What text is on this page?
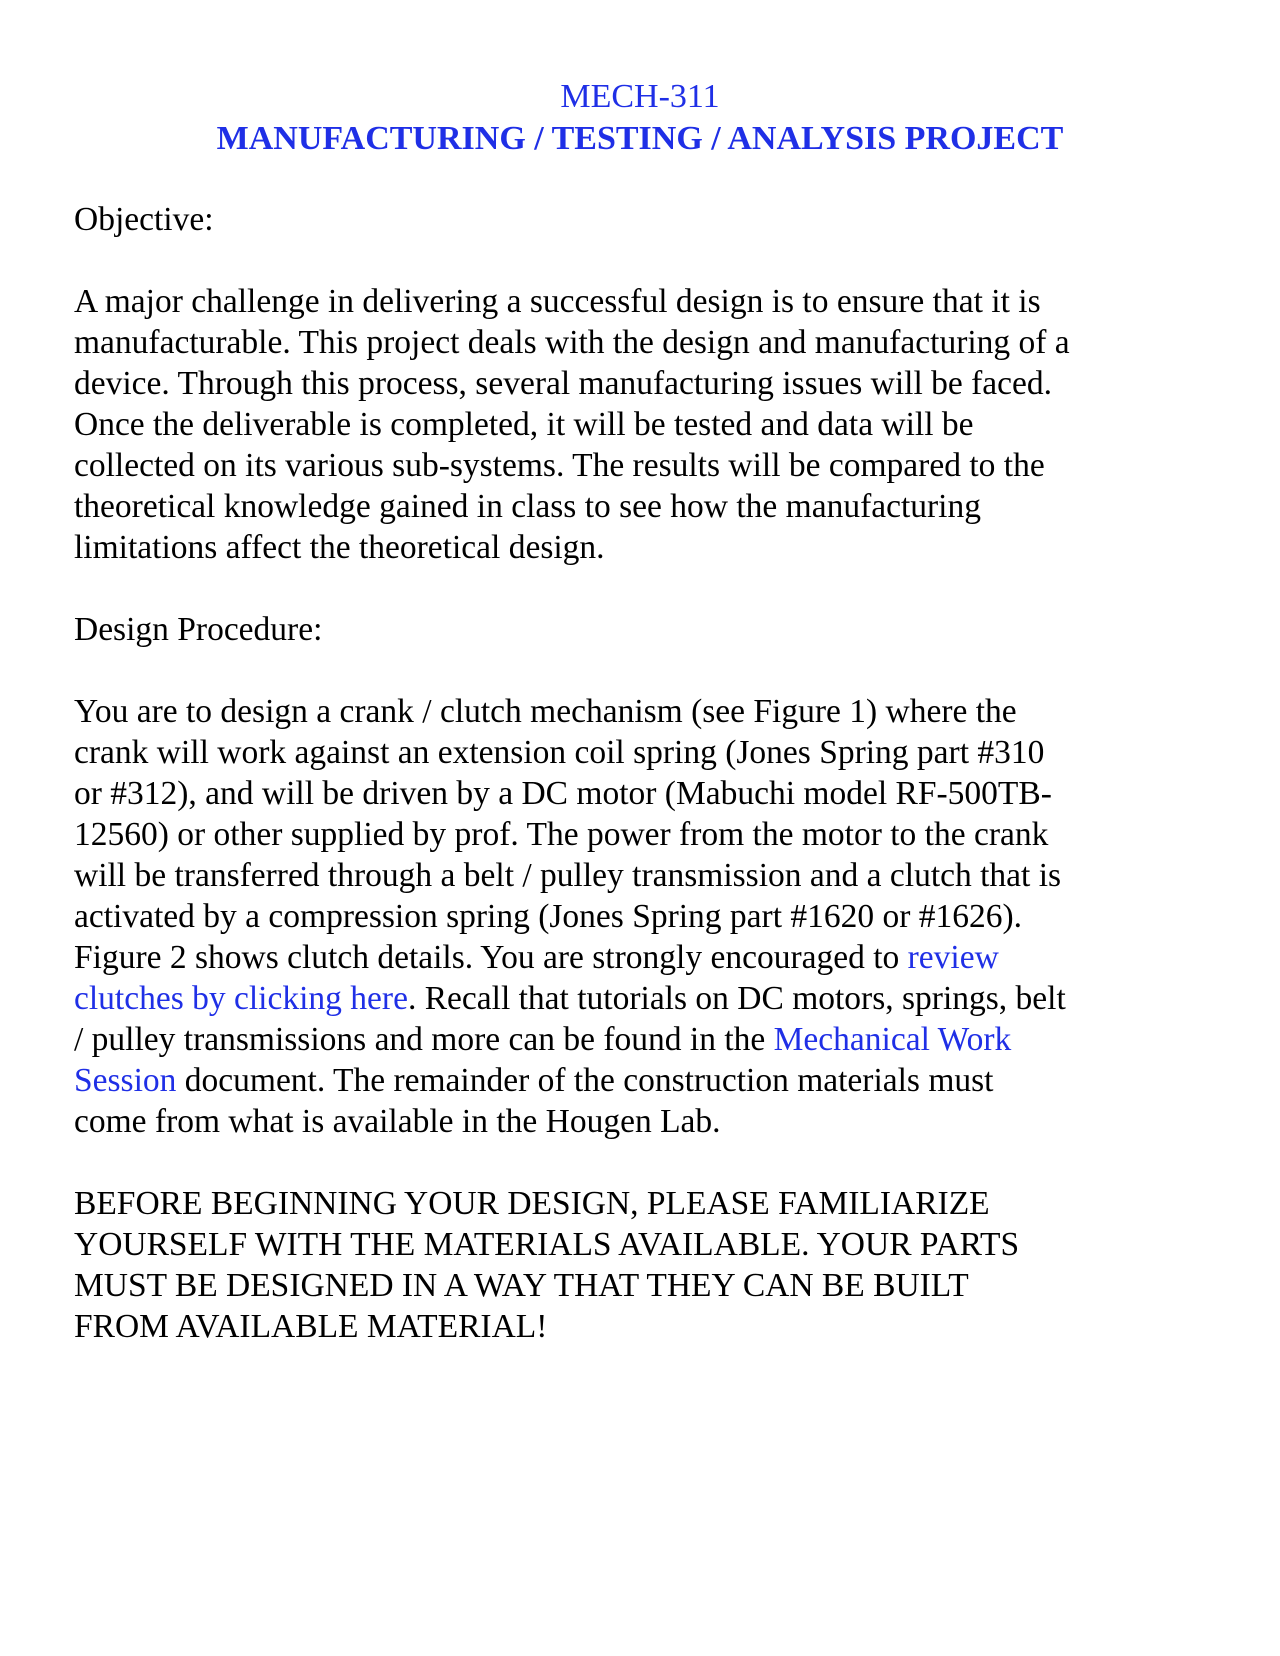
MECH-311
MANUFACTURING / TESTING / ANALYSIS PROJECT
Objective:
A major challenge in delivering a successful design is to ensure that it is
manufacturable. This project deals with the design and manufacturing of a
device. Through this process, several manufacturing issues will be faced.
Once the deliverable is completed, it will be tested and data will be
collected on its various sub-systems. The results will be compared to the
theoretical knowledge gained in class to see how the manufacturing
limitations affect the theoretical design.
Design Procedure:
You are to design a crank / clutch mechanism (see Figure 1) where the
crank will work against an extension coil spring (Jones Spring part #310
or #312), and will be driven by a DC motor (Mabuchi model RF-500TB-
12560) or other supplied by prof. The power from the motor to the crank
will be transferred through a belt / pulley transmission and a clutch that is
activated by a compression spring (Jones Spring part #1620 or #1626).
Figure 2 shows clutch details. You are strongly encouraged to review
clutches by clicking here. Recall that tutorials on DC motors, springs, belt
/ pulley transmissions and more can be found in the Mechanical Work
Session document. The remainder of the construction materials must
come from what is available in the Hougen Lab.
BEFORE BEGINNING YOUR DESIGN, PLEASE FAMILIARIZE
YOURSELF WITH THE MATERIALS AVAILABLE. YOUR PARTS
MUST BE DESIGNED IN A WAY THAT THEY CAN BE BUILT
FROM AVAILABLE MATERIAL!
